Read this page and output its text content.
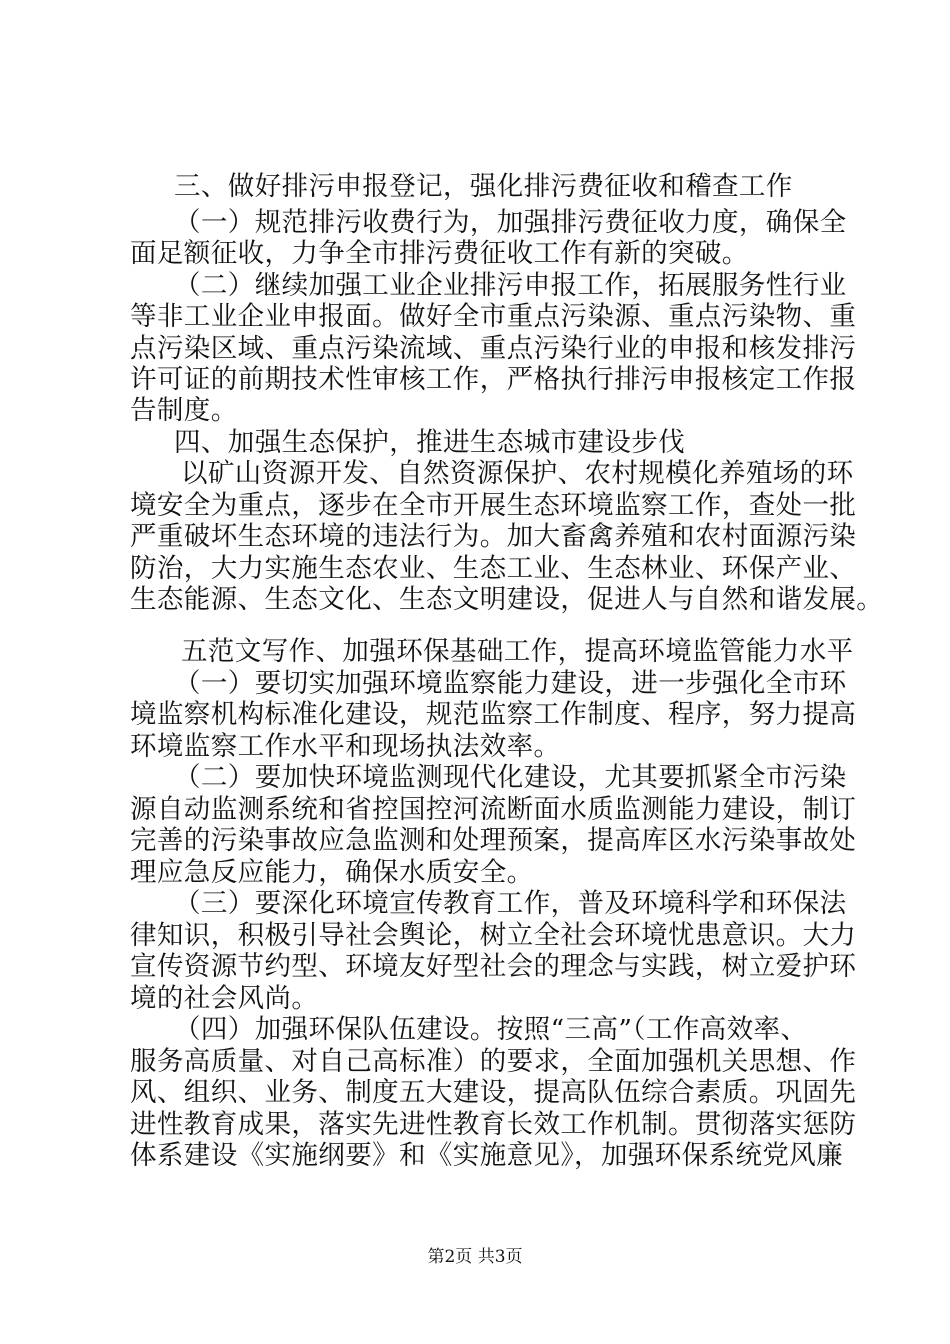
三、做好排污申报登记，强化排污费征收和稽查工作
（一）规范排污收费行为，加强排污费征收力度，确保全
面足额征收，力争全市排污费征收工作有新的突破。
（二）继续加强工业企业排污申报工作，拓展服务性行业
等非工业企业申报面。做好全市重点污染源、重点污染物、重
点污染区域、重点污染流域、重点污染行业的申报和核发排污
许可证的前期技术性审核工作，严格执行排污申报核定工作报
告制度。
四、加强生态保护，推进生态城市建设步伐
以矿山资源开发、自然资源保护、农村规模化养殖场的环
境安全为重点，逐步在全市开展生态环境监察工作，查处一批
严重破坏生态环境的违法行为。加大畜禽养殖和农村面源污染
防治，大力实施生态农业、生态工业、生态林业、环保产业、
生态能源、生态文化、生态文明建设，促进人与自然和谐发展。
五范文写作、加强环保基础工作，提高环境监管能力水平
（一）要切实加强环境监察能力建设，进一步强化全市环
境监察机构标准化建设，规范监察工作制度、程序，努力提高
环境监察工作水平和现场执法效率。
（二）要加快环境监测现代化建设，尤其要抓紧全市污染
源自动监测系统和省控国控河流断面水质监测能力建设，制订
完善的污染事故应急监测和处理预案，提高库区水污染事故处
理应急反应能力，确保水质安全。
（三）要深化环境宣传教育工作，普及环境科学和环保法
律知识，积极引导社会舆论，树立全社会环境忧患意识。大力
宣传资源节约型、环境友好型社会的理念与实践，树立爱护环
境的社会风尚。
（四）加强环保队伍建设。按照“三高”（工作高效率、
服务高质量、对自己高标准）的要求，全面加强机关思想、作
风、组织、业务、制度五大建设，提高队伍综合素质。巩固先
进性教育成果，落实先进性教育长效工作机制。贯彻落实惩防
体系建设《实施纲要》和《实施意见》，加强环保系统党风廉
第2页 共3页
